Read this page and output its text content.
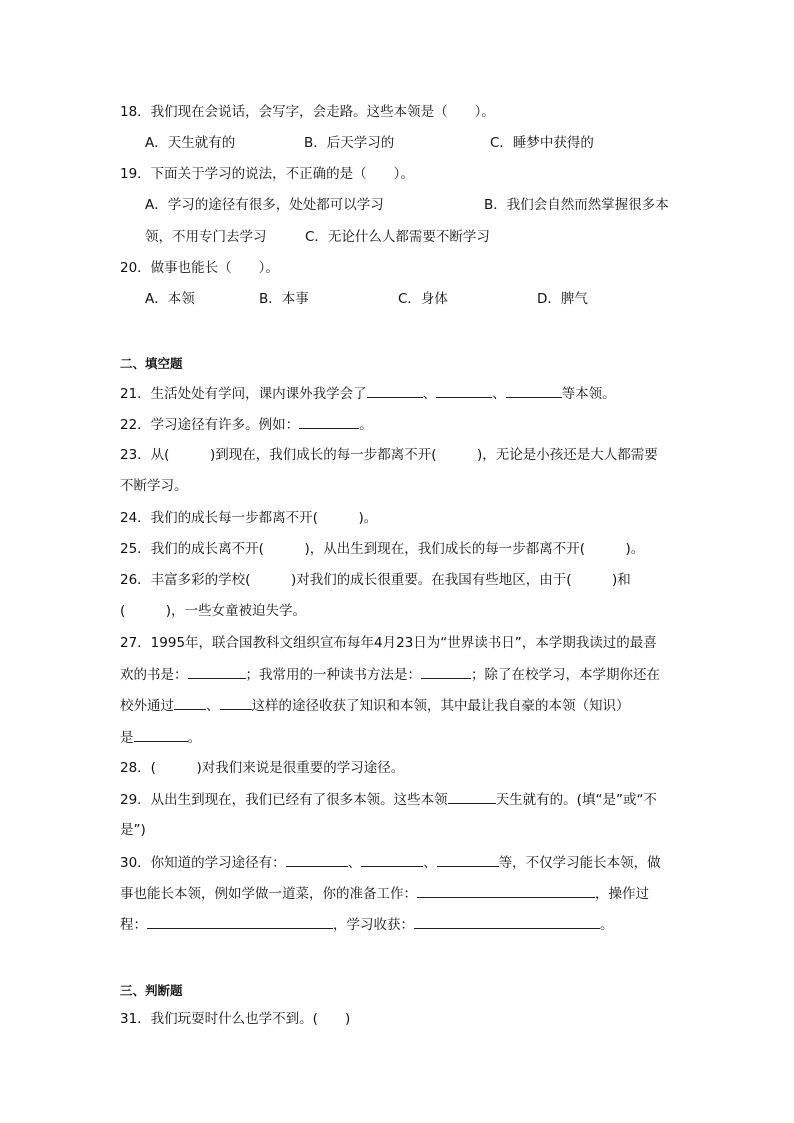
18．我们现在会说话，会写字，会走路。这些本领是（　　）。
A．天生就有的	B．后天学习的	C．睡梦中获得的
19．下面关于学习的说法，不正确的是（　　）。
A．学习的途径有很多，处处都可以学习	B．我们会自然而然掌握很多本
领，不用专门去学习	C．无论什么人都需要不断学习
20．做事也能长（　　）。
A．本领	B．本事	C．身体	D．脾气
二、填空题
21．生活处处有学问，课内课外我学会了	、	、	等本领。
22．学习途径有许多。例如：	。
23．从(　　　)到现在，我们成长的每一步都离不开(　　　)，无论是小孩还是大人都需要
不断学习。
24．我们的成长每一步都离不开(　　　)。
25．我们的成长离不开(　　　)，从出生到现在，我们成长的每一步都离不开(　　　)。
26．丰富多彩的学校(　　　)对我们的成长很重要。在我国有些地区，由于(　　　)和
(　　　)，一些女童被迫失学。
27．1995年，联合国教科文组织宣布每年4月23日为“世界读书日”，本学期我读过的最喜
欢的书是：	；我常用的一种读书方法是：	；除了在校学习，本学期你还在
校外通过 、 这样的途径收获了知识和本领，其中最让我自豪的本领（知识）
是	。
28．(　　　)对我们来说是很重要的学习途径。
29．从出生到现在，我们已经有了很多本领。这些本领	天生就有的。(填“是”或“不
是”)
30．你知道的学习途径有：	、	、	等，不仅学习能长本领，做
事也能长本领，例如学做一道菜，你的准备工作：	，操作过
程：	，学习收获：	。
三、判断题
31．我们玩耍时什么也学不到。(　　)
